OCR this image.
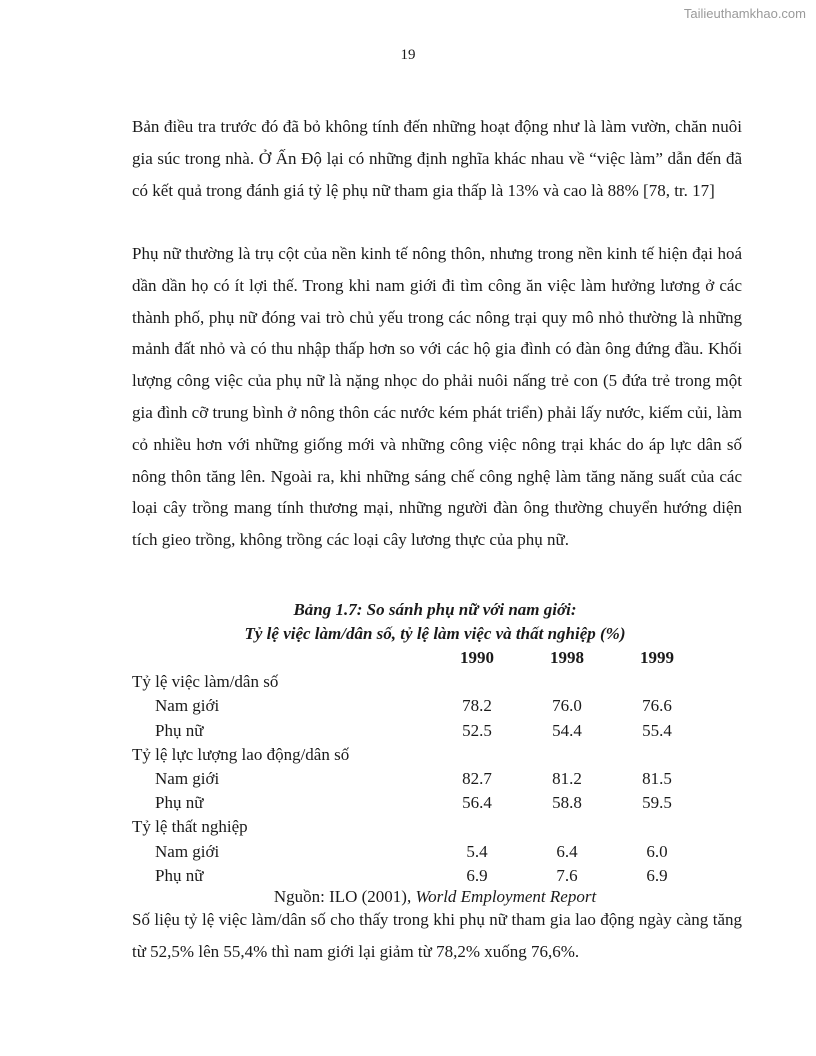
Tailieuthamkhao.com
19

Bản điều tra trước đó đã bỏ không tính đến những hoạt động như là làm vườn, chăn nuôi gia súc trong nhà. Ở Ấn Độ lại có những định nghĩa khác nhau về “việc làm” dẫn đến đã có kết quả trong đánh giá tỷ lệ phụ nữ tham gia thấp là 13% và cao là 88% [78, tr. 17]

Phụ nữ thường là trụ cột của nền kinh tế nông thôn, nhưng trong nền kinh tế hiện đại hoá dần dần họ có ít lợi thế. Trong khi nam giới đi tìm công ăn việc làm hưởng lương ở các thành phố, phụ nữ đóng vai trò chủ yếu trong các nông trại quy mô nhỏ thường là những mảnh đất nhỏ và có thu nhập thấp hơn so với các hộ gia đình có đàn ông đứng đầu. Khối lượng công việc của phụ nữ là nặng nhọc do phải nuôi nấng trẻ con (5 đứa trẻ trong một gia đình cỡ trung bình ở nông thôn các nước kém phát triển) phải lấy nước, kiếm củi, làm cỏ nhiều hơn với những giống mới và những công việc nông trại khác do áp lực dân số nông thôn tăng lên. Ngoài ra, khi những sáng chế công nghệ làm tăng năng suất của các loại cây trồng mang tính thương mại, những người đàn ông thường chuyển hướng diện tích gieo trồng, không trồng các loại cây lương thực của phụ nữ.

Bảng 1.7: So sánh phụ nữ với nam giới:
Tỷ lệ việc làm/dân số, tỷ lệ làm việc và thất nghiệp (%)
	1990	1998	1999
Tỷ lệ việc làm/dân số			
Nam giới	78.2	76.0	76.6
Phụ nữ	52.5	54.4	55.4
Tỷ lệ lực lượng lao động/dân số			
Nam giới	82.7	81.2	81.5
Phụ nữ	56.4	58.8	59.5
Tỷ lệ thất nghiệp			
Nam giới	5.4	6.4	6.0
Phụ nữ	6.9	7.6	6.9
Nguồn: ILO (2001), World Employment Report

Số liệu tỷ lệ việc làm/dân số cho thấy trong khi phụ nữ tham gia lao động ngày càng tăng từ 52,5% lên 55,4% thì nam giới lại giảm từ 78,2% xuống 76,6%.
